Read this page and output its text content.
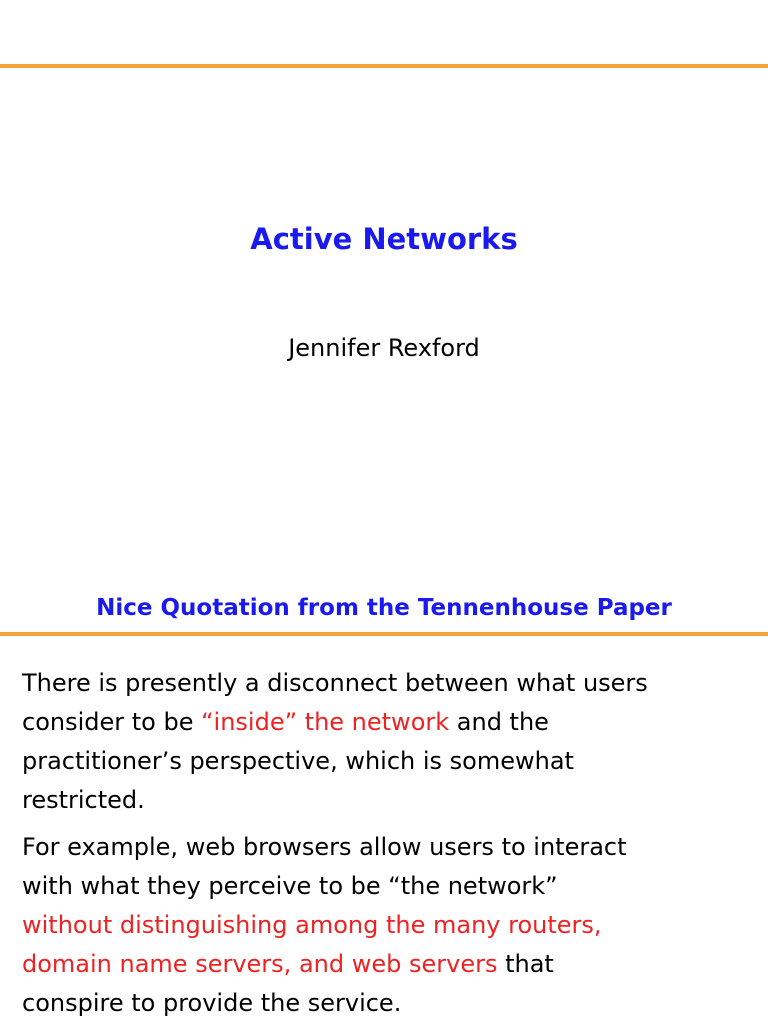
Active Networks
Jennifer Rexford
Nice Quotation from the Tennenhouse Paper

There is presently a disconnect between what users
consider to be “inside” the network and the
practitioner’s perspective, which is somewhat
restricted.

For example, web browsers allow users to interact
with what they perceive to be “the network”
without distinguishing among the many routers,
domain name servers, and web servers that
conspire to provide the service.
